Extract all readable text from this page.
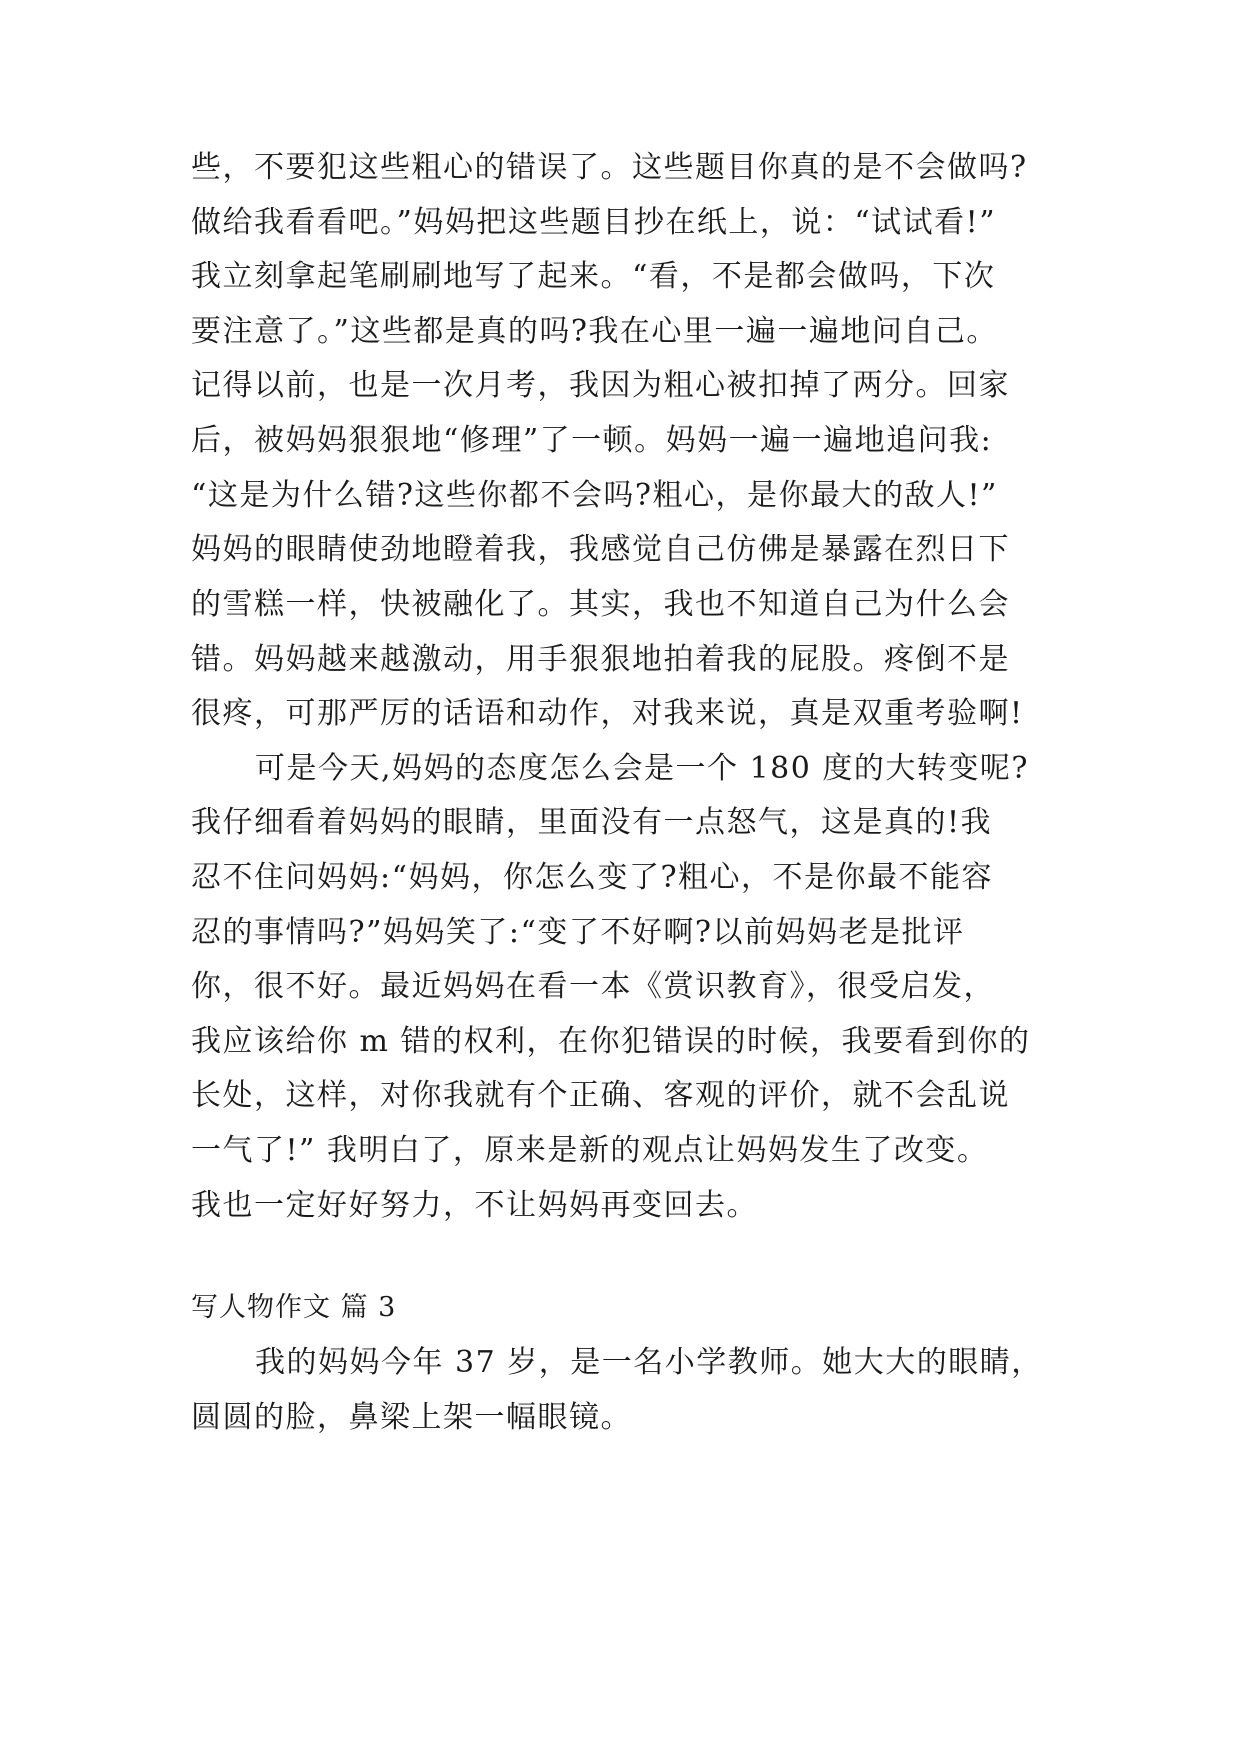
些，不要犯这些粗心的错误了。这些题目你真的是不会做吗?
做给我看看吧。”妈妈把这些题目抄在纸上，说：“试试看!”
我立刻拿起笔刷刷地写了起来。“看，不是都会做吗，下次
要注意了。”这些都是真的吗?我在心里一遍一遍地问自己。
记得以前，也是一次月考，我因为粗心被扣掉了两分。回家
后，被妈妈狠狠地“修理”了一顿。妈妈一遍一遍地追问我:
“这是为什么错?这些你都不会吗?粗心，是你最大的敌人!”
妈妈的眼睛使劲地瞪着我，我感觉自己仿佛是暴露在烈日下
的雪糕一样，快被融化了。其实，我也不知道自己为什么会
错。妈妈越来越激动，用手狠狠地拍着我的屁股。疼倒不是
很疼，可那严厉的话语和动作，对我来说，真是双重考验啊!
可是今天,妈妈的态度怎么会是一个 180 度的大转变呢?
我仔细看着妈妈的眼睛，里面没有一点怒气，这是真的!我
忍不住问妈妈:“妈妈，你怎么变了?粗心，不是你最不能容
忍的事情吗?”妈妈笑了:“变了不好啊?以前妈妈老是批评
你，很不好。最近妈妈在看一本《赏识教育》，很受启发，
我应该给你 m 错的权利，在你犯错误的时候，我要看到你的
长处，这样，对你我就有个正确、客观的评价，就不会乱说
一气了!” 我明白了，原来是新的观点让妈妈发生了改变。
我也一定好好努力，不让妈妈再变回去。
写人物作文 篇 3
我的妈妈今年 37 岁，是一名小学教师。她大大的眼睛，
圆圆的脸，鼻梁上架一幅眼镜。
